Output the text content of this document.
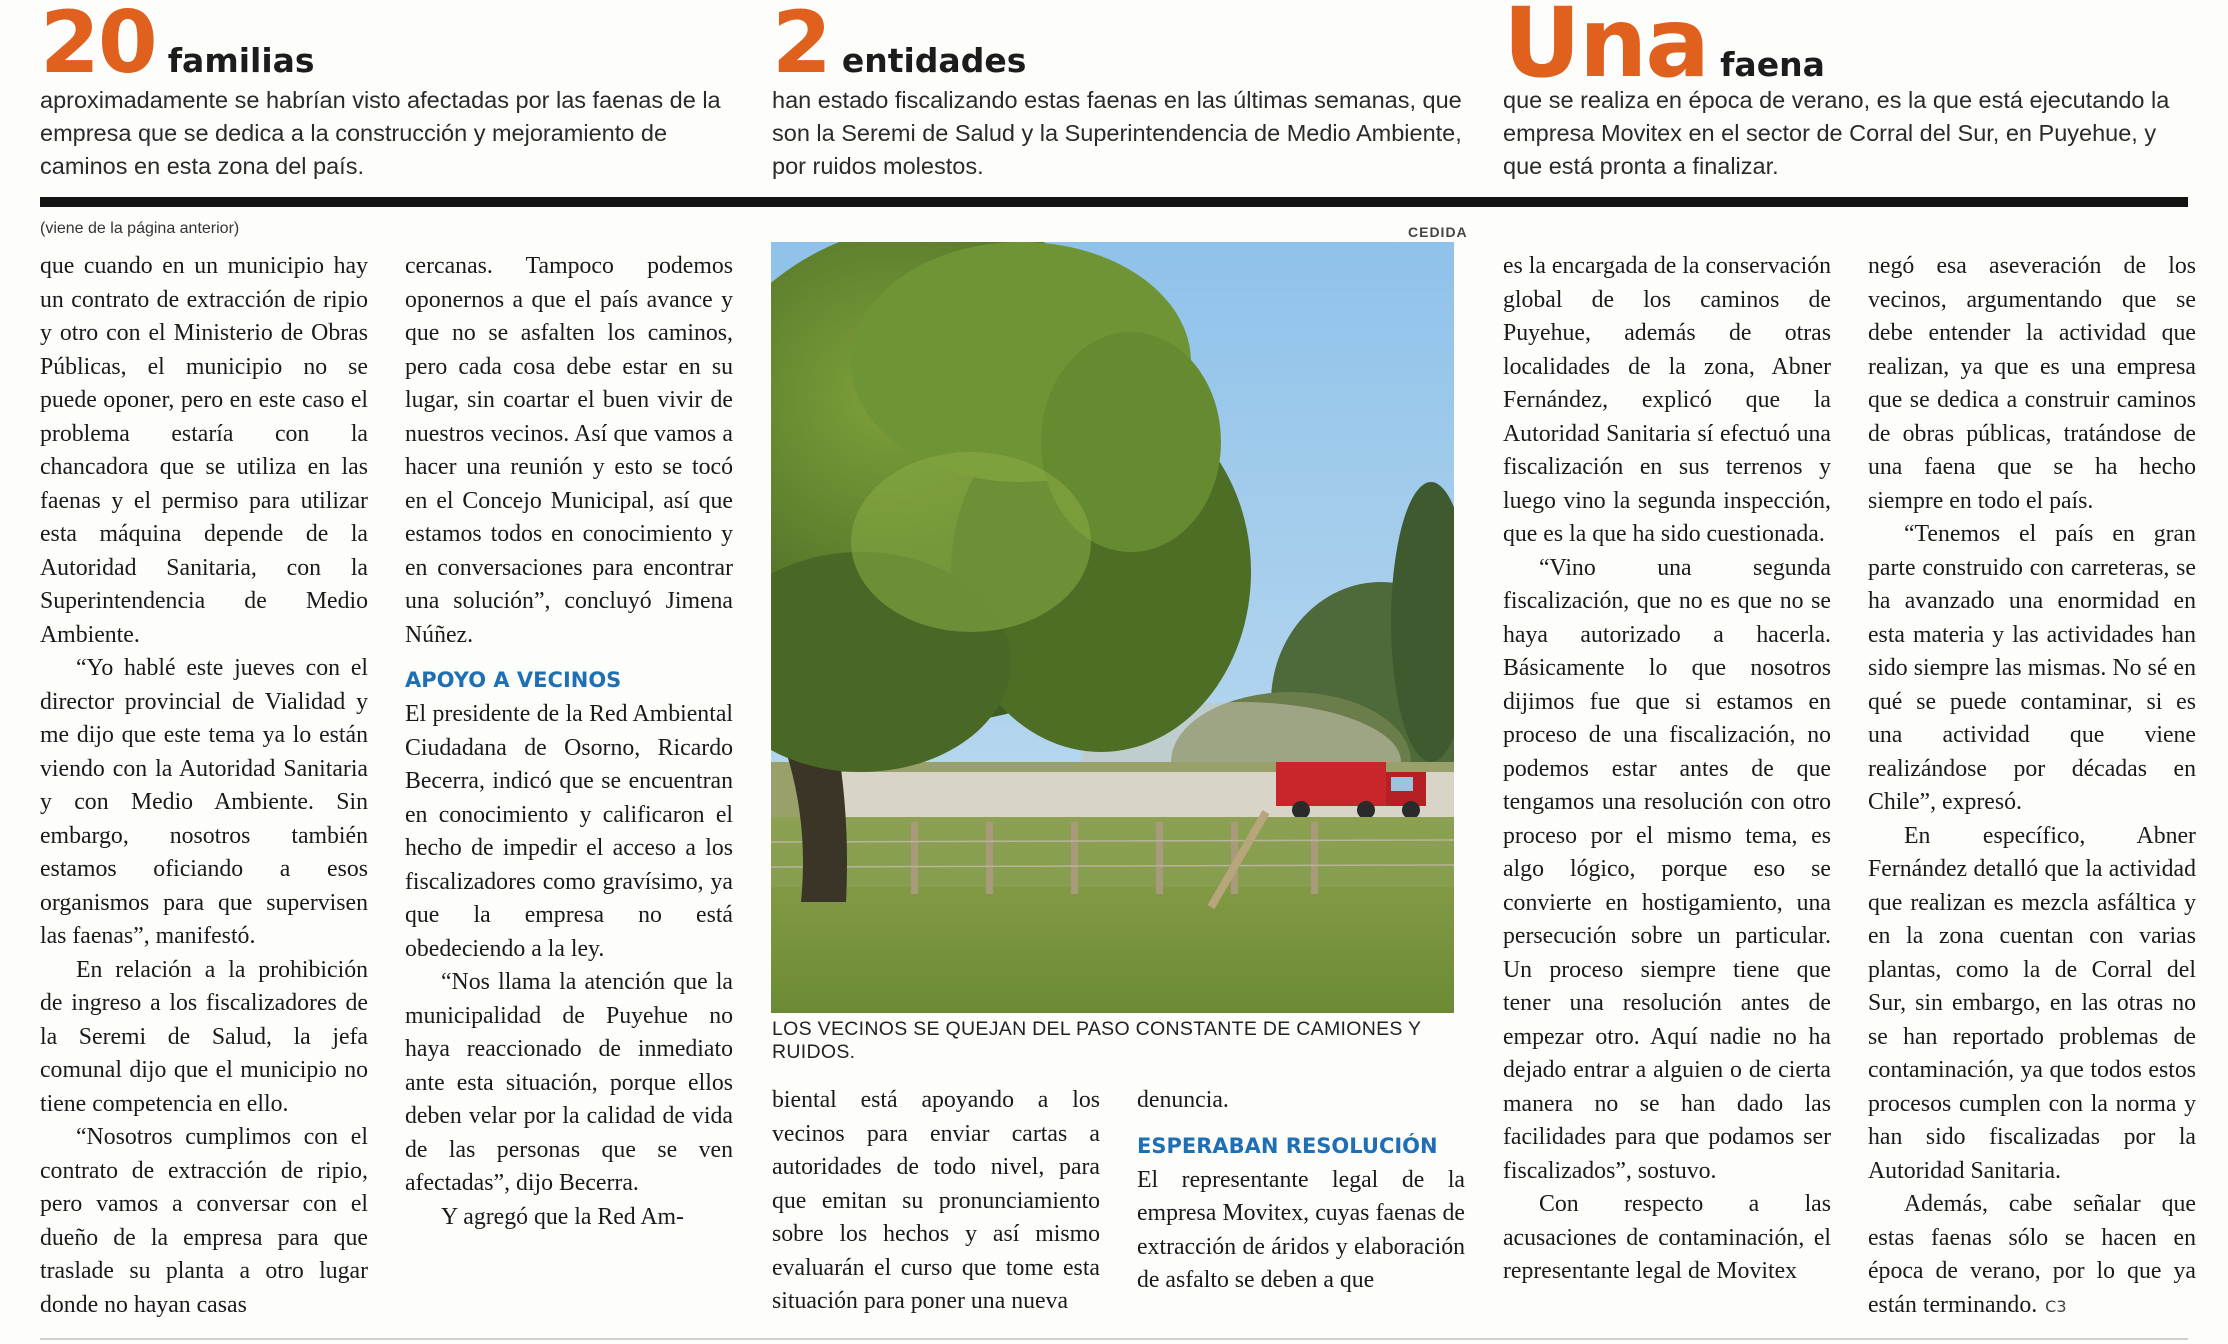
20 familias
aproximadamente se habrían visto afectadas por las faenas de la empresa que se dedica a la construcción y mejoramiento de caminos en esta zona del país.
2 entidades
han estado fiscalizando estas faenas en las últimas semanas, que son la Seremi de Salud y la Superintendencia de Medio Ambiente, por ruidos molestos.
Una faena
que se realiza en época de verano, es la que está ejecutando la empresa Movitex en el sector de Corral del Sur, en Puyehue, y que está pronta a finalizar.
(viene de la página anterior)	CEDIDA

que cuando en un municipio hay un contrato de extracción de ripio y otro con el Ministerio de Obras Públicas, el municipio no se puede oponer, pero en este caso el problema estaría con la chancadora que se utiliza en las faenas y el permiso para utilizar esta máquina depende de la Autoridad Sanitaria, con la Superintendencia de Medio Ambiente.

“Yo hablé este jueves con el director provincial de Vialidad y me dijo que este tema ya lo están viendo con la Autoridad Sanitaria y con Medio Ambiente. Sin embargo, nosotros también estamos oficiando a esos organismos para que supervisen las faenas”, manifestó.

En relación a la prohibición de ingreso a los fiscalizadores de la Seremi de Salud, la jefa comunal dijo que el municipio no tiene competencia en ello.

“Nosotros cumplimos con el contrato de extracción de ripio, pero vamos a conversar con el dueño de la empresa para que traslade su planta a otro lugar donde no hayan casas

cercanas. Tampoco podemos oponernos a que el país avance y que no se asfalten los caminos, pero cada cosa debe estar en su lugar, sin coartar el buen vivir de nuestros vecinos. Así que vamos a hacer una reunión y esto se tocó en el Concejo Municipal, así que estamos todos en conocimiento y en conversaciones para encontrar una solución”, concluyó Jimena Núñez.

APOYO A VECINOS

El presidente de la Red Ambiental Ciudadana de Osorno, Ricardo Becerra, indicó que se encuentran en conocimiento y calificaron el hecho de impedir el acceso a los fiscalizadores como gravísimo, ya que la empresa no está obedeciendo a la ley.

“Nos llama la atención que la municipalidad de Puyehue no haya reaccionado de inmediato ante esta situación, porque ellos deben velar por la calidad de vida de las personas que se ven afectadas”, dijo Becerra.

Y agregó que la Red Am-

biental está apoyando a los vecinos para enviar cartas a autoridades de todo nivel, para que emitan su pronunciamiento sobre los hechos y así mismo evaluarán el curso que tome esta situación para poner una nueva

denuncia.

ESPERABAN RESOLUCIÓN

El representante legal de la empresa Movitex, cuyas faenas de extracción de áridos y elaboración de asfalto se deben a que

es la encargada de la conservación global de los caminos de Puyehue, además de otras localidades de la zona, Abner Fernández, explicó que la Autoridad Sanitaria sí efectuó una fiscalización en sus terrenos y luego vino la segunda inspección, que es la que ha sido cuestionada.

“Vino una segunda fiscalización, que no es que no se haya autorizado a hacerla. Básicamente lo que nosotros dijimos fue que si estamos en proceso de una fiscalización, no podemos estar antes de que tengamos una resolución con otro proceso por el mismo tema, es algo lógico, porque eso se convierte en hostigamiento, una persecución sobre un particular. Un proceso siempre tiene que tener una resolución antes de empezar otro. Aquí nadie no ha dejado entrar a alguien o de cierta manera no se han dado las facilidades para que podamos ser fiscalizados”, sostuvo.

Con respecto a las acusaciones de contaminación, el representante legal de Movitex

negó esa aseveración de los vecinos, argumentando que se debe entender la actividad que realizan, ya que es una empresa que se dedica a construir caminos de obras públicas, tratándose de una faena que se ha hecho siempre en todo el país.

“Tenemos el país en gran parte construido con carreteras, se ha avanzado una enormidad en esta materia y las actividades han sido siempre las mismas. No sé en qué se puede contaminar, si es una actividad que viene realizándose por décadas en Chile”, expresó.

En específico, Abner Fernández detalló que la actividad que realizan es mezcla asfáltica y en la zona cuentan con varias plantas, como la de Corral del Sur, sin embargo, en las otras no se han reportado problemas de contaminación, ya que todos estos procesos cumplen con la norma y han sido fiscalizadas por la Autoridad Sanitaria.

Además, cabe señalar que estas faenas sólo se hacen en época de verano, por lo que ya están terminando. C3

LOS VECINOS SE QUEJAN DEL PASO CONSTANTE DE CAMIONES Y RUIDOS.
